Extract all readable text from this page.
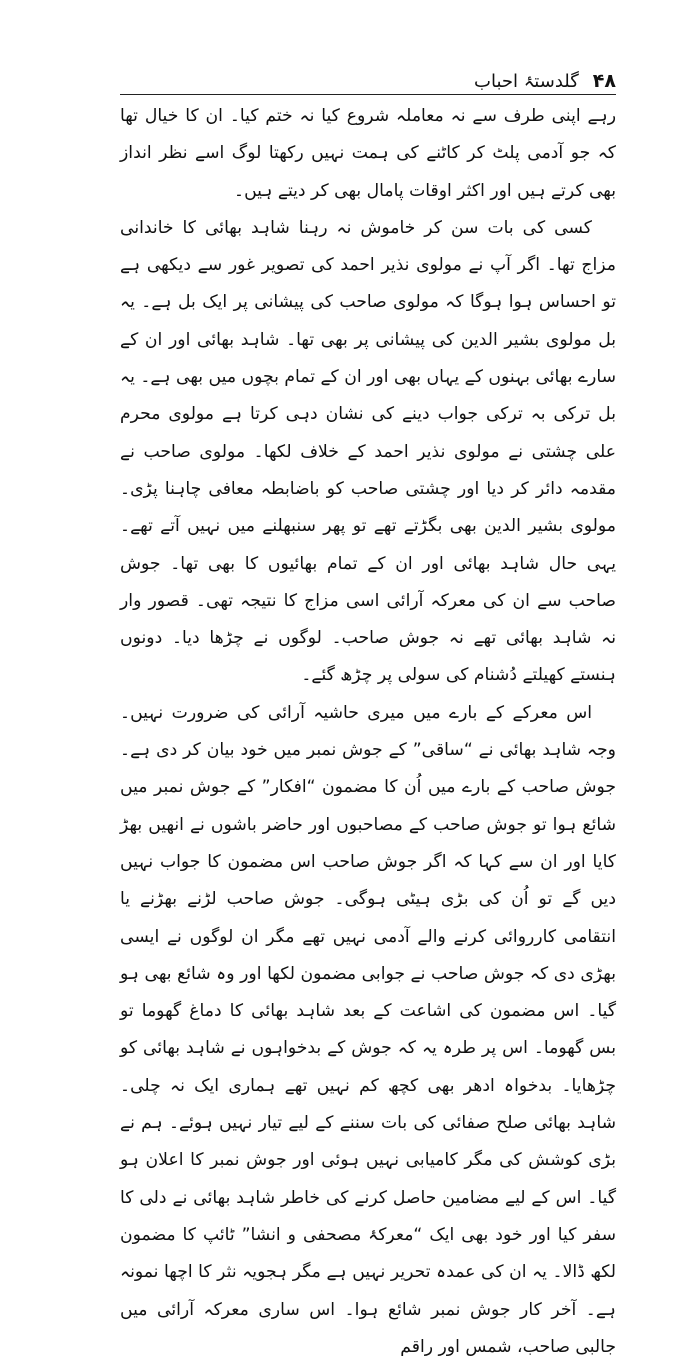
۴۸
گلدستۂ احباب

رہے اپنی طرف سے نہ معاملہ شروع کیا نہ ختم کیا۔ ان کا خیال تھا کہ جو آدمی پلٹ کر کاٹنے کی ہمت نہیں رکھتا لوگ اسے نظر انداز بھی کرتے ہیں اور اکثر اوقات پامال بھی کر دیتے ہیں۔

کسی کی بات سن کر خاموش نہ رہنا شاہد بھائی کا خاندانی مزاج تھا۔ اگر آپ نے مولوی نذیر احمد کی تصویر غور سے دیکھی ہے تو احساس ہوا ہوگا کہ مولوی صاحب کی پیشانی پر ایک بل ہے۔ یہ بل مولوی بشیر الدین کی پیشانی پر بھی تھا۔ شاہد بھائی اور ان کے سارے بھائی بہنوں کے یہاں بھی اور ان کے تمام بچوں میں بھی ہے۔ یہ بل ترکی بہ ترکی جواب دینے کی نشان دہی کرتا ہے مولوی محرم علی چشتی نے مولوی نذیر احمد کے خلاف لکھا۔ مولوی صاحب نے مقدمہ دائر کر دیا اور چشتی صاحب کو باضابطہ معافی چاہنا پڑی۔ مولوی بشیر الدین بھی بگڑتے تھے تو پھر سنبھلنے میں نہیں آتے تھے۔ یہی حال شاہد بھائی اور ان کے تمام بھائیوں کا بھی تھا۔ جوش صاحب سے ان کی معرکہ آرائی اسی مزاج کا نتیجہ تھی۔ قصور وار نہ شاہد بھائی تھے نہ جوش صاحب۔ لوگوں نے چڑھا دیا۔ دونوں ہنستے کھیلتے دُشنام کی سولی پر چڑھ گئے۔

اس معرکے کے بارے میں میری حاشیہ آرائی کی ضرورت نہیں۔ وجہ شاہد بھائی نے “ساقی” کے جوش نمبر میں خود بیان کر دی ہے۔ جوش صاحب کے بارے میں اُن کا مضمون “افکار” کے جوش نمبر میں شائع ہوا تو جوش صاحب کے مصاحبوں اور حاضر باشوں نے انھیں بھڑ کایا اور ان سے کہا کہ اگر جوش صاحب اس مضمون کا جواب نہیں دیں گے تو اُن کی بڑی ہیٹی ہوگی۔ جوش صاحب لڑنے بھڑنے یا انتقامی کارروائی کرنے والے آدمی نہیں تھے مگر ان لوگوں نے ایسی بھڑی دی کہ جوش صاحب نے جوابی مضمون لکھا اور وہ شائع بھی ہو گیا۔ اس مضمون کی اشاعت کے بعد شاہد بھائی کا دماغ گھوما تو بس گھوما۔ اس پر طرہ یہ کہ جوش کے بدخواہوں نے شاہد بھائی کو چڑھایا۔ بدخواہ ادھر بھی کچھ کم نہیں تھے ہماری ایک نہ چلی۔ شاہد بھائی صلح صفائی کی بات سننے کے لیے تیار نہیں ہوئے۔ ہم نے بڑی کوشش کی مگر کامیابی نہیں ہوئی اور جوش نمبر کا اعلان ہو گیا۔ اس کے لیے مضامین حاصل کرنے کی خاطر شاہد بھائی نے دلی کا سفر کیا اور خود بھی ایک “معرکۂ مصحفی و انشا” ٹائپ کا مضمون لکھ ڈالا۔ یہ ان کی عمدہ تحریر نہیں ہے مگر ہجویہ نثر کا اچھا نمونہ ہے۔ آخر کار جوش نمبر شائع ہوا۔ اس ساری معرکہ آرائی میں جالبی صاحب، شمس اور راقم
